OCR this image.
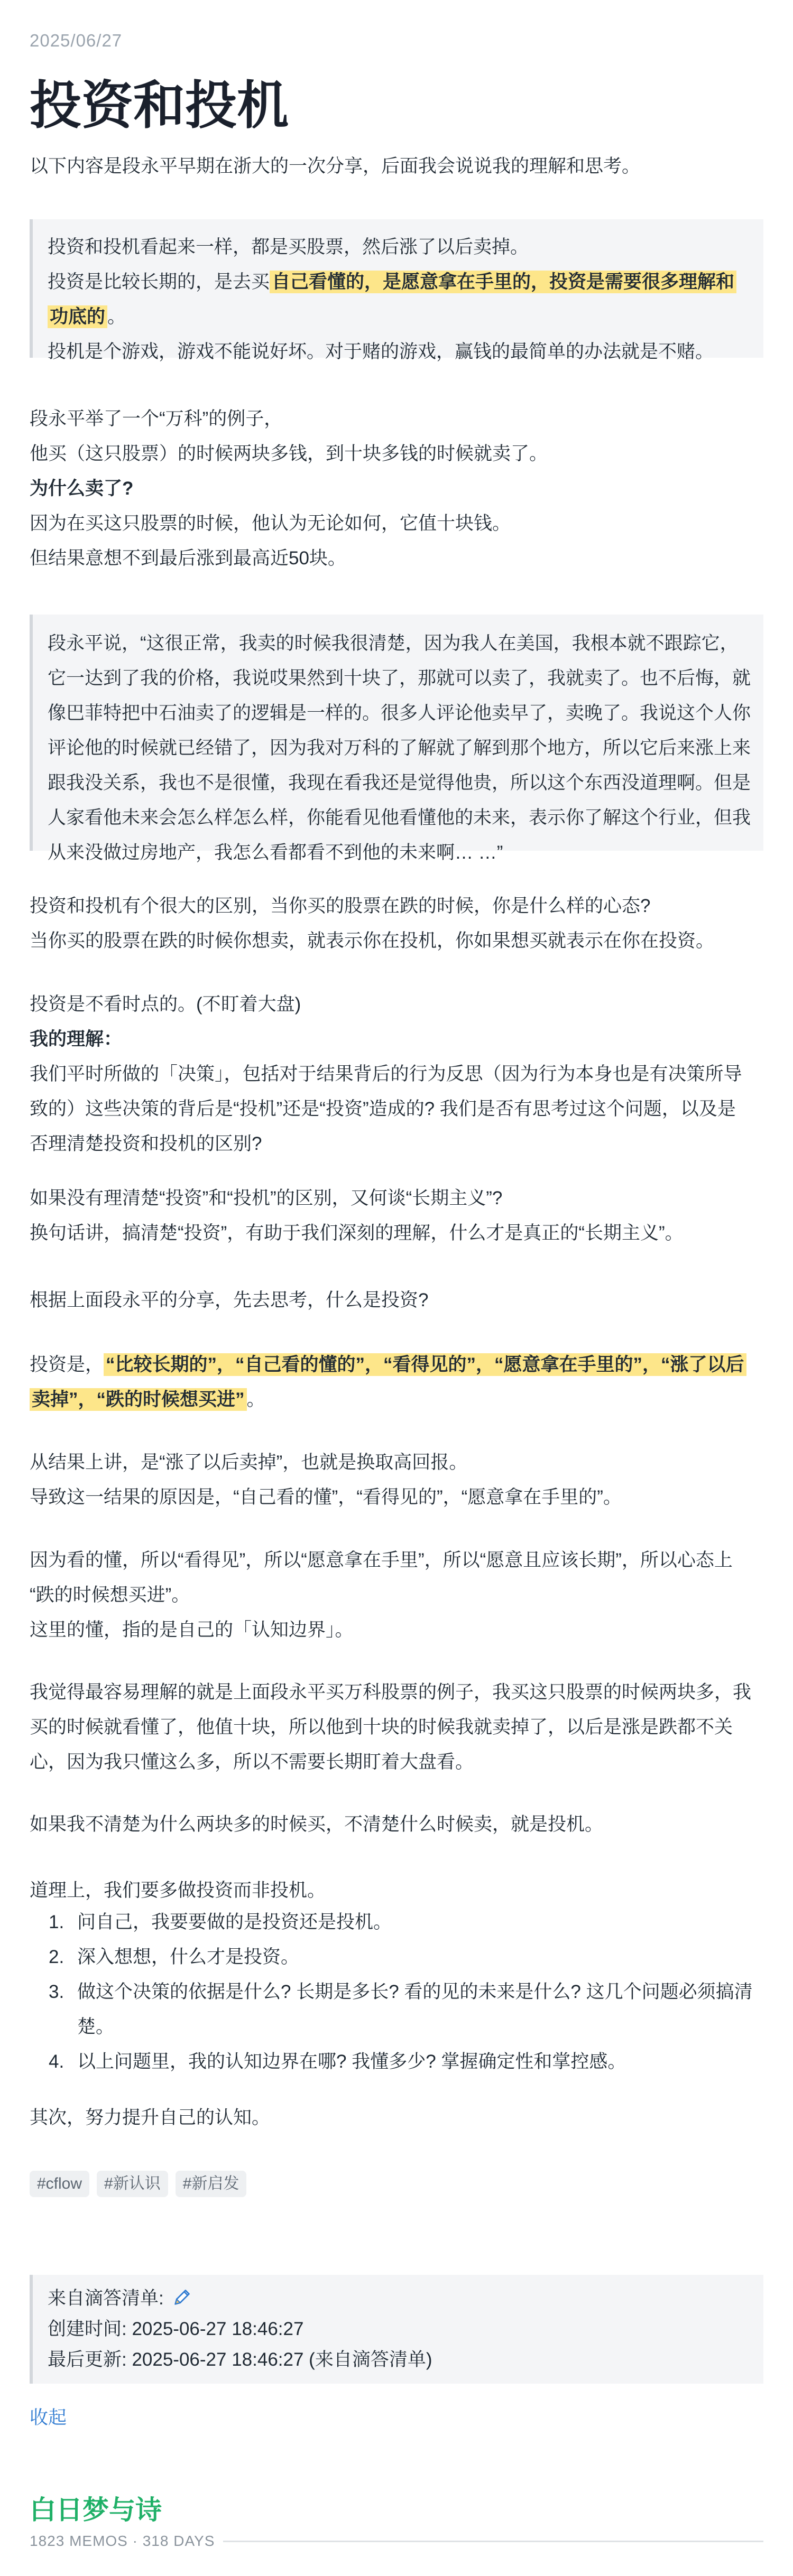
2025/06/27
投资和投机
以下内容是段永平早期在浙大的一次分享，后面我会说说我的理解和思考。
投资和投机看起来一样，都是买股票，然后涨了以后卖掉。
投资是比较长期的，是去买 自己看懂的，是愿意拿在手里的，投资是需要很多理解和
功底的 。
投机是个游戏，游戏不能说好坏。对于赌的游戏，赢钱的最简单的办法就是不赌。
段永平举了一个“万科”的例子，
他买（这只股票）的时候两块多钱，到十块多钱的时候就卖了。
为什么卖了?
因为在买这只股票的时候，他认为无论如何，它值十块钱。
但结果意想不到最后涨到最高近50块。
段永平说，“这很正常，我卖的时候我很清楚，因为我人在美国，我根本就不跟踪它，
它一达到了我的价格，我说哎果然到十块了，那就可以卖了，我就卖了。也不后悔，就
像巴菲特把中石油卖了的逻辑是一样的。很多人评论他卖早了，卖晚了。我说这个人你
评论他的时候就已经错了，因为我对万科的了解就了解到那个地方，所以它后来涨上来
跟我没关系，我也不是很懂，我现在看我还是觉得他贵，所以这个东西没道理啊。但是
人家看他未来会怎么样怎么样，你能看见他看懂他的未来，表示你了解这个行业，但我
从来没做过房地产，我怎么看都看不到他的未来啊… …”
投资和投机有个很大的区别，当你买的股票在跌的时候，你是什么样的心态?
当你买的股票在跌的时候你想卖，就表示你在投机，你如果想买就表示在你在投资。
投资是不看时点的。(不盯着大盘)
我的理解：
我们平时所做的「决策」，包括对于结果背后的行为反思（因为行为本身也是有决策所导
致的）这些决策的背后是“投机”还是“投资”造成的? 我们是否有思考过这个问题，以及是
否理清楚投资和投机的区别?
如果没有理清楚“投资”和“投机”的区别，又何谈“长期主义”?
换句话讲，搞清楚“投资”，有助于我们深刻的理解，什么才是真正的“长期主义”。
根据上面段永平的分享，先去思考，什么是投资?
投资是， “比较长期的”，“自己看的懂的”，“看得见的”，“愿意拿在手里的”，“涨了以后
卖掉”，“跌的时候想买进” 。
从结果上讲，是“涨了以后卖掉”，也就是换取高回报。
导致这一结果的原因是，“自己看的懂”，“看得见的”，“愿意拿在手里的”。
因为看的懂，所以“看得见”，所以“愿意拿在手里”，所以“愿意且应该长期”，所以心态上
“跌的时候想买进”。
这里的懂，指的是自己的「认知边界」。
我觉得最容易理解的就是上面段永平买万科股票的例子，我买这只股票的时候两块多，我
买的时候就看懂了，他值十块，所以他到十块的时候我就卖掉了，以后是涨是跌都不关
心，因为我只懂这么多，所以不需要长期盯着大盘看。
如果我不清楚为什么两块多的时候买，不清楚什么时候卖，就是投机。
道理上，我们要多做投资而非投机。
1. 问自己，我要要做的是投资还是投机。
2. 深入想想，什么才是投资。
3. 做这个决策的依据是什么? 长期是多长? 看的见的未来是什么? 这几个问题必须搞清
楚。
4. 以上问题里，我的认知边界在哪? 我懂多少? 掌握确定性和掌控感。
其次，努力提升自己的认知。
#cflow	#新认识	#新启发
来自滴答清单:
创建时间: 2025-06-27 18:46:27
最后更新: 2025-06-27 18:46:27 (来自滴答清单)
收起
白日梦与诗
1823 MEMOS · 318 DAYS
